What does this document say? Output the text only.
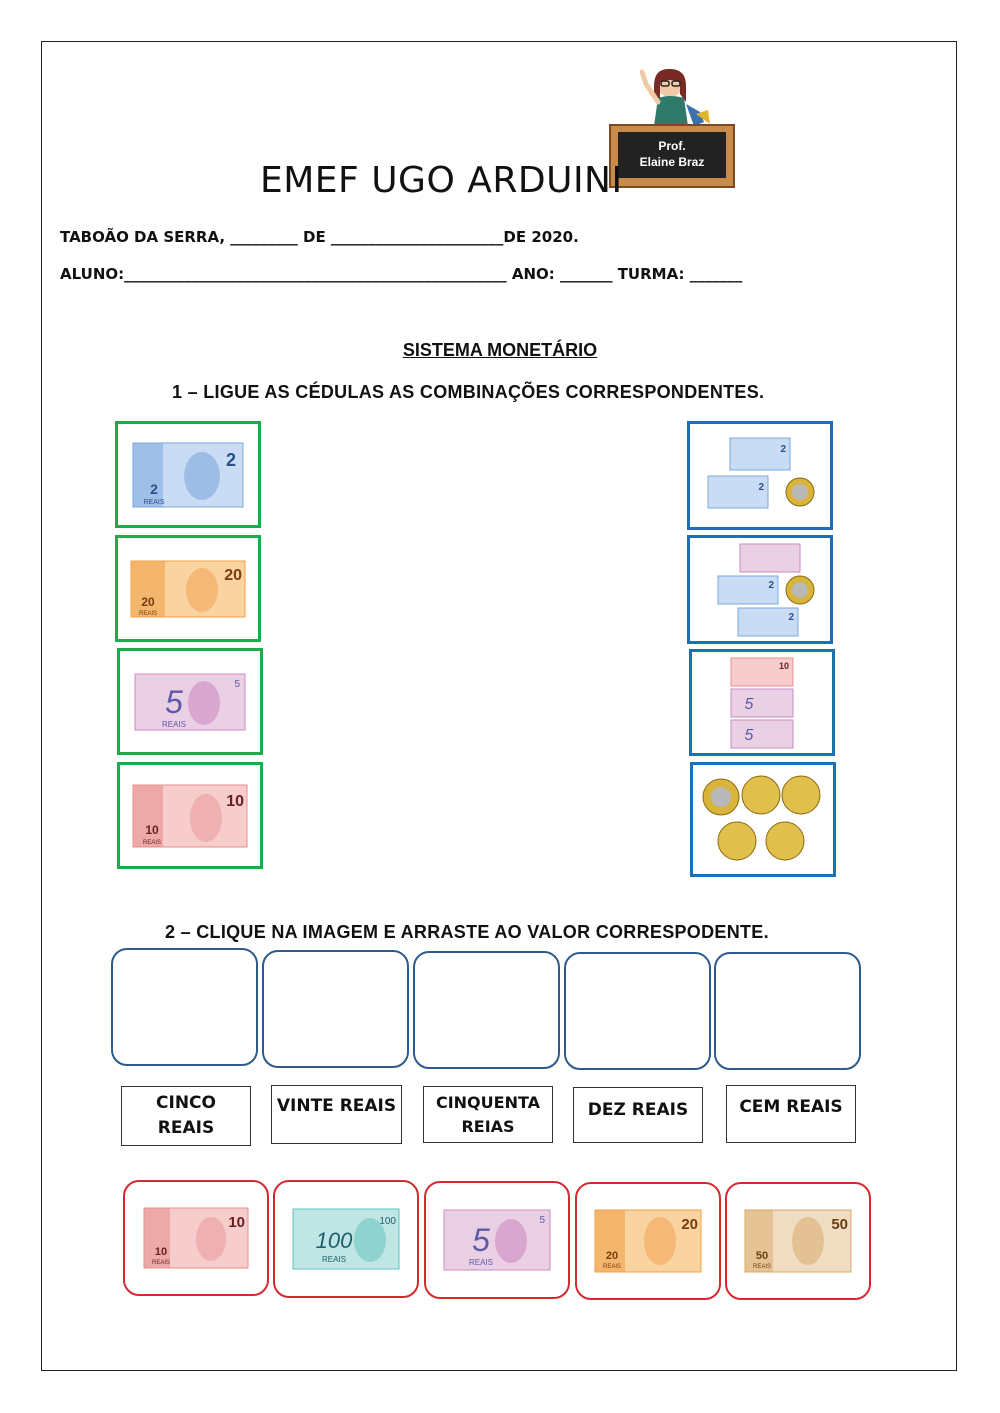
Prof.
Elaine Braz
EMEF UGO ARDUINI
TABOÃO DA SERRA, _________ DE _______________________DE 2020.
ALUNO:___________________________________________________ ANO: _______ TURMA: _______
SISTEMA MONETÁRIO
1 – LIGUE AS CÉDULAS AS COMBINAÇÕES CORRESPONDENTES.
2
2
REAIS
20
20
REAIS
5	5
REAIS
10
10
REAIS
2
2
2
2
10
5
5
2 – CLIQUE NA IMAGEM E ARRASTE AO VALOR CORRESPODENTE.
CINCO
REAIS
VINTE REAIS CINQUENTA
REIAS
DEZ REAIS	CEM REAIS
10
10
REAIS
100
REAIS
100
5
5
REAIS
20
20
REAIS
50
50
REAIS
